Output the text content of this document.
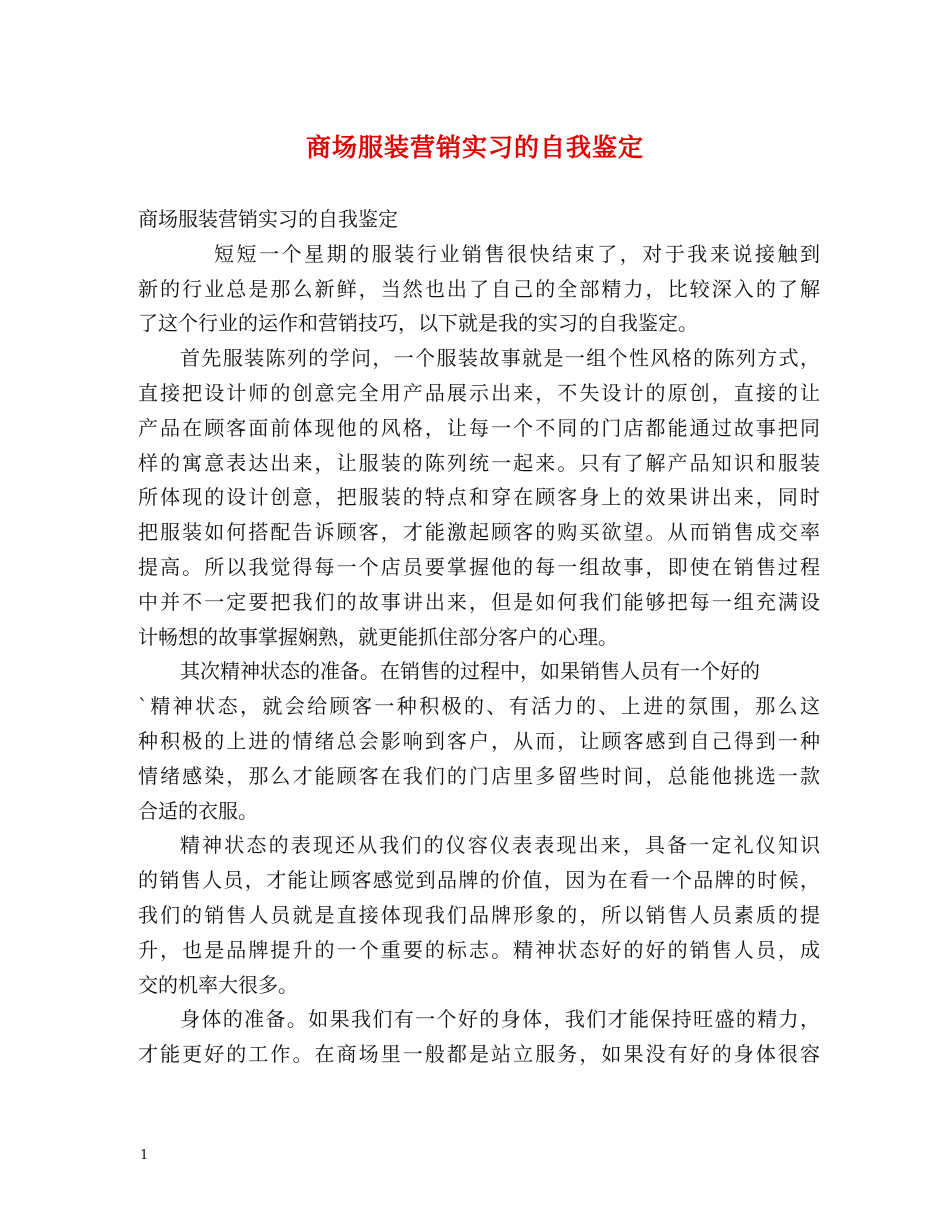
商场服装营销实习的自我鉴定
商场服装营销实习的自我鉴定
短短一个星期的服装行业销售很快结束了，对于我来说接触到
新的行业总是那么新鲜，当然也出了自己的全部精力，比较深入的了解
了这个行业的运作和营销技巧，以下就是我的实习的自我鉴定。
首先服装陈列的学问，一个服装故事就是一组个性风格的陈列方式，
直接把设计师的创意完全用产品展示出来，不失设计的原创，直接的让
产品在顾客面前体现他的风格，让每一个不同的门店都能通过故事把同
样的寓意表达出来，让服装的陈列统一起来。只有了解产品知识和服装
所体现的设计创意，把服装的特点和穿在顾客身上的效果讲出来，同时
把服装如何搭配告诉顾客，才能激起顾客的购买欲望。从而销售成交率
提高。所以我觉得每一个店员要掌握他的每一组故事，即使在销售过程
中并不一定要把我们的故事讲出来，但是如何我们能够把每一组充满设
计畅想的故事掌握娴熟，就更能抓住部分客户的心理。
其次精神状态的准备。在销售的过程中，如果销售人员有一个好的
`精神状态，就会给顾客一种积极的、有活力的、上进的氛围，那么这
种积极的上进的情绪总会影响到客户，从而，让顾客感到自己得到一种
情绪感染，那么才能顾客在我们的门店里多留些时间，总能他挑选一款
合适的衣服。
精神状态的表现还从我们的仪容仪表表现出来，具备一定礼仪知识
的销售人员，才能让顾客感觉到品牌的价值，因为在看一个品牌的时候，
我们的销售人员就是直接体现我们品牌形象的，所以销售人员素质的提
升，也是品牌提升的一个重要的标志。精神状态好的好的销售人员，成
交的机率大很多。
身体的准备。如果我们有一个好的身体，我们才能保持旺盛的精力，
才能更好的工作。在商场里一般都是站立服务，如果没有好的身体很容
1
